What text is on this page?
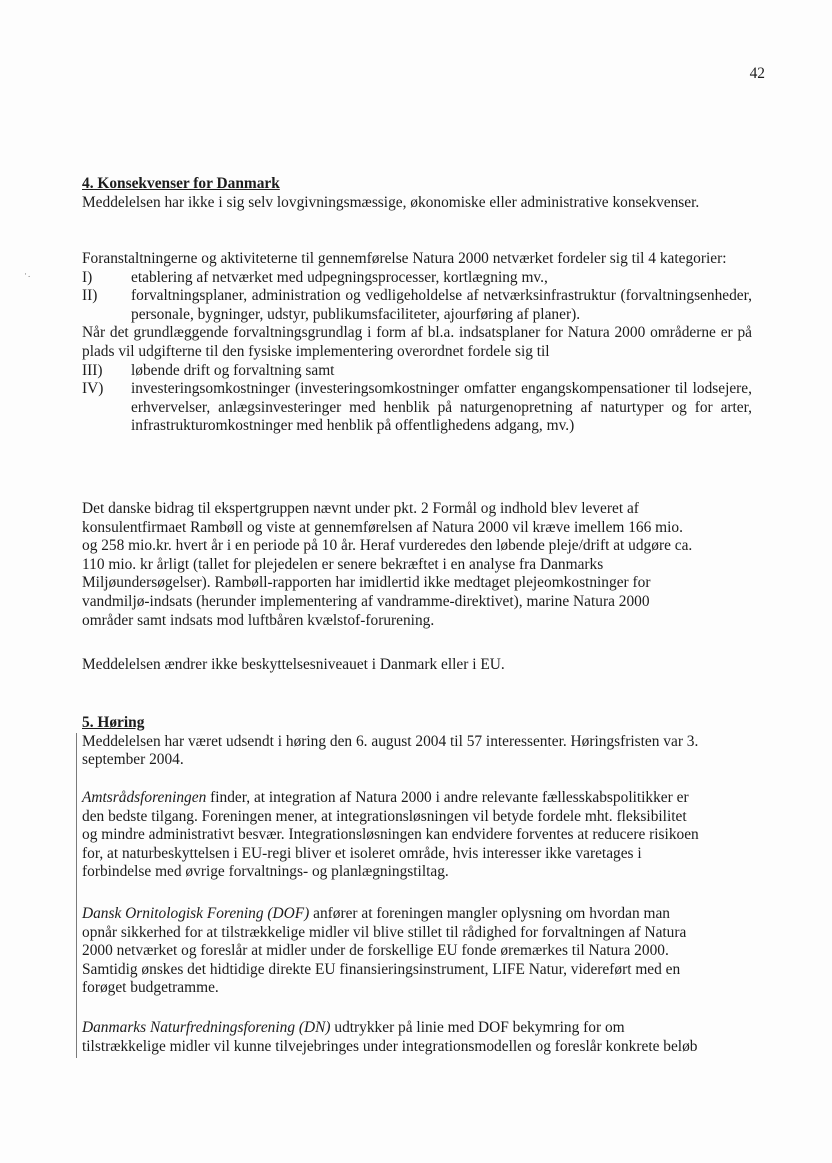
42
·.

4. Konsekvenser for Danmark

Meddelelsen har ikke i sig selv lovgivningsmæssige, økonomiske eller administrative konsekvenser.

Foranstaltningerne og aktiviteterne til gennemførelse Natura 2000 netværket fordeler sig til 4 kategorier:

I)	etablering af netværket med udpegningsprocesser, kortlægning mv.,
II)	forvaltningsplaner, administration og vedligeholdelse af netværksinfrastruktur (forvaltningsenheder, personale, bygninger, udstyr, publikumsfaciliteter, ajourføring af planer).

Når det grundlæggende forvaltningsgrundlag i form af bl.a. indsatsplaner for Natura 2000 områderne er på plads vil udgifterne til den fysiske implementering overordnet fordele sig til

III)	løbende drift og forvaltning samt
IV)	investeringsomkostninger (investeringsomkostninger omfatter engangskompensationer til lodsejere, erhvervelser, anlægsinvesteringer med henblik på naturgenopretning af naturtyper og for arter, infrastrukturomkostninger med henblik på offentlighedens adgang, mv.)
Det danske bidrag til ekspertgruppen nævnt under pkt. 2 Formål og indhold blev leveret af
konsulentfirmaet Rambøll og viste at gennemførelsen af Natura 2000 vil kræve imellem 166 mio.
og 258 mio.kr. hvert år i en periode på 10 år. Heraf vurderedes den løbende pleje/drift at udgøre ca.
110 mio. kr årligt (tallet for plejedelen er senere bekræftet i en analyse fra Danmarks
Miljøundersøgelser). Rambøll-rapporten har imidlertid ikke medtaget plejeomkostninger for
vandmiljø-indsats (herunder implementering af vandramme-direktivet), marine Natura 2000
områder samt indsats mod luftbåren kvælstof-forurening.

Meddelelsen ændrer ikke beskyttelsesniveauet i Danmark eller i EU.

5. Høring

Meddelelsen har været udsendt i høring den 6. august 2004 til 57 interessenter. Høringsfristen var 3. september 2004.

Amtsrådsforeningen finder, at integration af Natura 2000 i andre relevante fællesskabspolitikker er
den bedste tilgang. Foreningen mener, at integrationsløsningen vil betyde fordele mht. fleksibilitet
og mindre administrativt besvær. Integrationsløsningen kan endvidere forventes at reducere risikoen
for, at naturbeskyttelsen i EU-regi bliver et isoleret område, hvis interesser ikke varetages i
forbindelse med øvrige forvaltnings- og planlægningstiltag.
Dansk Ornitologisk Forening (DOF) anfører at foreningen mangler oplysning om hvordan man
opnår sikkerhed for at tilstrækkelige midler vil blive stillet til rådighed for forvaltningen af Natura
2000 netværket og foreslår at midler under de forskellige EU fonde øremærkes til Natura 2000.
Samtidig ønskes det hidtidige direkte EU finansieringsinstrument, LIFE Natur, videreført med en
forøget budgetramme.
Danmarks Naturfredningsforening (DN) udtrykker på linie med DOF bekymring for om
tilstrækkelige midler vil kunne tilvejebringes under integrationsmodellen og foreslår konkrete beløb
